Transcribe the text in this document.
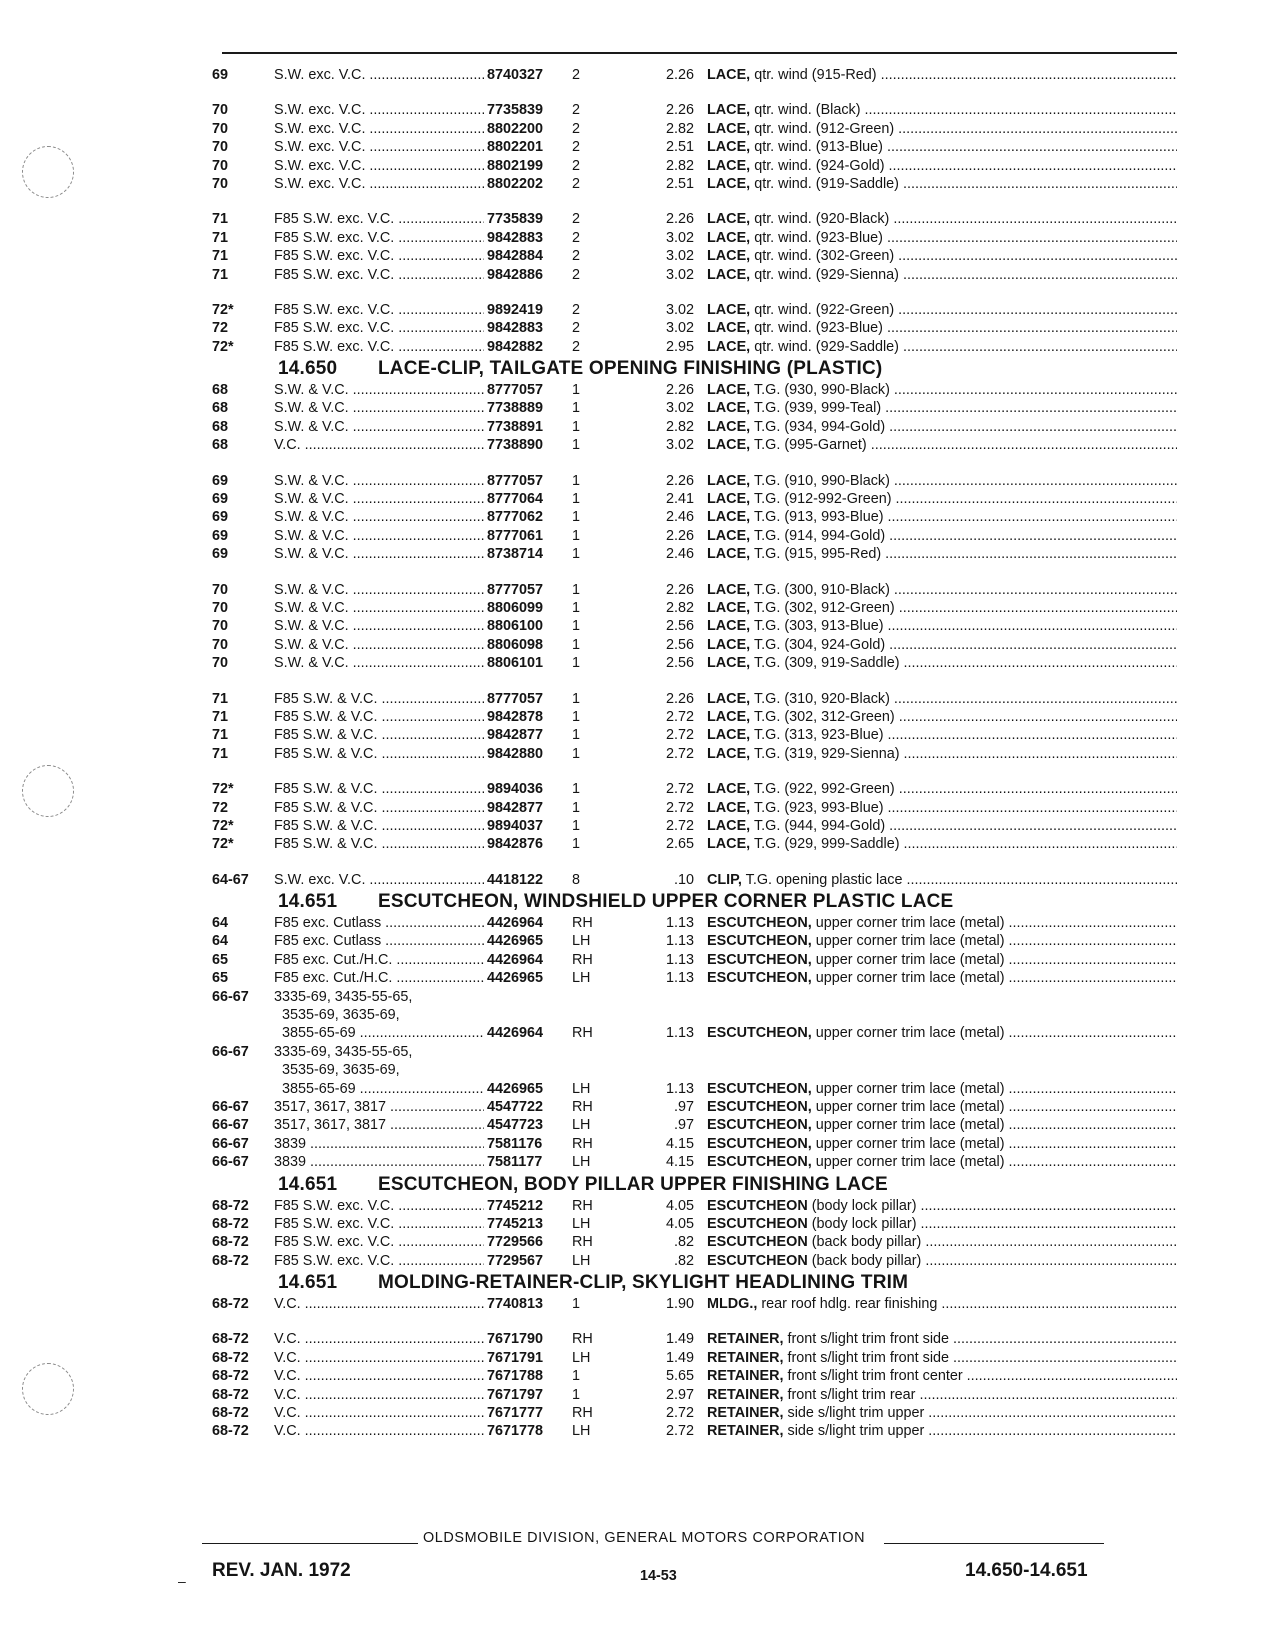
69	S.W. exc. V.C. .....	8740327	2	2.26 LACE, qtr. wind (915-Red) .....
70	S.W. exc. V.C. .....	7735839	2	2.26 LACE, qtr. wind. (Black) .....
70	S.W. exc. V.C. .....	8802200	2	2.82 LACE, qtr. wind. (912-Green) .....
70	S.W. exc. V.C. .....	8802201	2	2.51 LACE, qtr. wind. (913-Blue) .....
70	S.W. exc. V.C. .....	8802199	2	2.82 LACE, qtr. wind. (924-Gold) .....
70	S.W. exc. V.C. .....	8802202	2	2.51 LACE, qtr. wind. (919-Saddle) .....
71	F85 S.W. exc. V.C. .....	7735839	2	2.26 LACE, qtr. wind. (920-Black) .....
71	F85 S.W. exc. V.C. .....	9842883	2	3.02 LACE, qtr. wind. (923-Blue) .....
71	F85 S.W. exc. V.C. .....	9842884	2	3.02 LACE, qtr. wind. (302-Green) .....
71	F85 S.W. exc. V.C. .....	9842886	2	3.02 LACE, qtr. wind. (929-Sienna) .....
72*	F85 S.W. exc. V.C. .....	9892419	2	3.02 LACE, qtr. wind. (922-Green) .....
72	F85 S.W. exc. V.C. .....	9842883	2	3.02 LACE, qtr. wind. (923-Blue) .....
72*	F85 S.W. exc. V.C. .....	9842882	2	2.95 LACE, qtr. wind. (929-Saddle) .....
14.650 LACE-CLIP, TAILGATE OPENING FINISHING (PLASTIC)
68	S.W. & V.C. .....	8777057	1	2.26 LACE, T.G. (930, 990-Black) .....
68	S.W. & V.C. .....	7738889	1	3.02 LACE, T.G. (939, 999-Teal) .....
68	S.W. & V.C. .....	7738891	1	2.82 LACE, T.G. (934, 994-Gold) .....
68	V.C. .....	7738890	1	3.02 LACE, T.G. (995-Garnet) .....
69	S.W. & V.C. .....	8777057	1	2.26 LACE, T.G. (910, 990-Black) .....
69	S.W. & V.C. .....	8777064	1	2.41 LACE, T.G. (912-992-Green) .....
69	S.W. & V.C. .....	8777062	1	2.46 LACE, T.G. (913, 993-Blue) .....
69	S.W. & V.C. .....	8777061	1	2.26 LACE, T.G. (914, 994-Gold) .....
69	S.W. & V.C. .....	8738714	1	2.46 LACE, T.G. (915, 995-Red) .....
70	S.W. & V.C. .....	8777057	1	2.26 LACE, T.G. (300, 910-Black) .....
70	S.W. & V.C. .....	8806099	1	2.82 LACE, T.G. (302, 912-Green) .....
70	S.W. & V.C. .....	8806100	1	2.56 LACE, T.G. (303, 913-Blue) .....
70	S.W. & V.C. .....	8806098	1	2.56 LACE, T.G. (304, 924-Gold) .....
70	S.W. & V.C. .....	8806101	1	2.56 LACE, T.G. (309, 919-Saddle) .....
71	F85 S.W. & V.C. .....	8777057	1	2.26 LACE, T.G. (310, 920-Black) .....
71	F85 S.W. & V.C. .....	9842878	1	2.72 LACE, T.G. (302, 312-Green) .....
71	F85 S.W. & V.C. .....	9842877	1	2.72 LACE, T.G. (313, 923-Blue) .....
71	F85 S.W. & V.C. .....	9842880	1	2.72 LACE, T.G. (319, 929-Sienna) .....
72*	F85 S.W. & V.C. .....	9894036	1	2.72 LACE, T.G. (922, 992-Green) .....
72	F85 S.W. & V.C. .....	9842877	1	2.72 LACE, T.G. (923, 993-Blue) .....
72*	F85 S.W. & V.C. .....	9894037	1	2.72 LACE, T.G. (944, 994-Gold) .....
72*	F85 S.W. & V.C. .....	9842876	1	2.65 LACE, T.G. (929, 999-Saddle) .....
64-67	S.W. exc. V.C. .....	4418122	8	.10 CLIP, T.G. opening plastic lace .....
14.651 ESCUTCHEON, WINDSHIELD UPPER CORNER PLASTIC LACE
64	F85 exc. Cutlass .....	4426964	RH	1.13 ESCUTCHEON, upper corner trim lace (metal) .....
64	F85 exc. Cutlass .....	4426965	LH	1.13 ESCUTCHEON, upper corner trim lace (metal) .....
65	F85 exc. Cut./H.C. .....	4426964	RH	1.13 ESCUTCHEON, upper corner trim lace (metal) .....
65	F85 exc. Cut./H.C. .....	4426965	LH	1.13 ESCUTCHEON, upper corner trim lace (metal) .....
66-67	3335-69, 3435-55-65,
3535-69, 3635-69,
3855-65-69 .....	4426964	RH	1.13 ESCUTCHEON, upper corner trim lace (metal) .....
66-67	3335-69, 3435-55-65,
3535-69, 3635-69,
3855-65-69 .....	4426965	LH	1.13 ESCUTCHEON, upper corner trim lace (metal) .....
66-67	3517, 3617, 3817 .....	4547722	RH	.97 ESCUTCHEON, upper corner trim lace (metal) .....
66-67	3517, 3617, 3817 .....	4547723	LH	.97 ESCUTCHEON, upper corner trim lace (metal) .....
66-67	3839 .....	7581176	RH	4.15 ESCUTCHEON, upper corner trim lace (metal) .....
66-67	3839 .....	7581177	LH	4.15 ESCUTCHEON, upper corner trim lace (metal) .....
14.651 ESCUTCHEON, BODY PILLAR UPPER FINISHING LACE
68-72	F85 S.W. exc. V.C. .....	7745212	RH	4.05 ESCUTCHEON (body lock pillar) .....
68-72	F85 S.W. exc. V.C. .....	7745213	LH	4.05 ESCUTCHEON (body lock pillar) .....
68-72	F85 S.W. exc. V.C. .....	7729566	RH	.82 ESCUTCHEON (back body pillar) .....
68-72	F85 S.W. exc. V.C. .....	7729567	LH	.82 ESCUTCHEON (back body pillar) .....
14.651 MOLDING-RETAINER-CLIP, SKYLIGHT HEADLINING TRIM
68-72	V.C. .....	7740813	1	1.90 MLDG., rear roof hdlg. rear finishing .....
68-72	V.C. .....	7671790	RH	1.49 RETAINER, front s/light trim front side .....
68-72	V.C. .....	7671791	LH	1.49 RETAINER, front s/light trim front side .....
68-72	V.C. .....	7671788	1	5.65 RETAINER, front s/light trim front center .....
68-72	V.C. .....	7671797	1	2.97 RETAINER, front s/light trim rear .....
68-72	V.C. .....	7671777	RH	2.72 RETAINER, side s/light trim upper .....
68-72	V.C. .....	7671778	LH	2.72 RETAINER, side s/light trim upper .....
OLDSMOBILE DIVISION, GENERAL MOTORS CORPORATION
– REV. JAN. 1972	14-53	14.650-14.651
